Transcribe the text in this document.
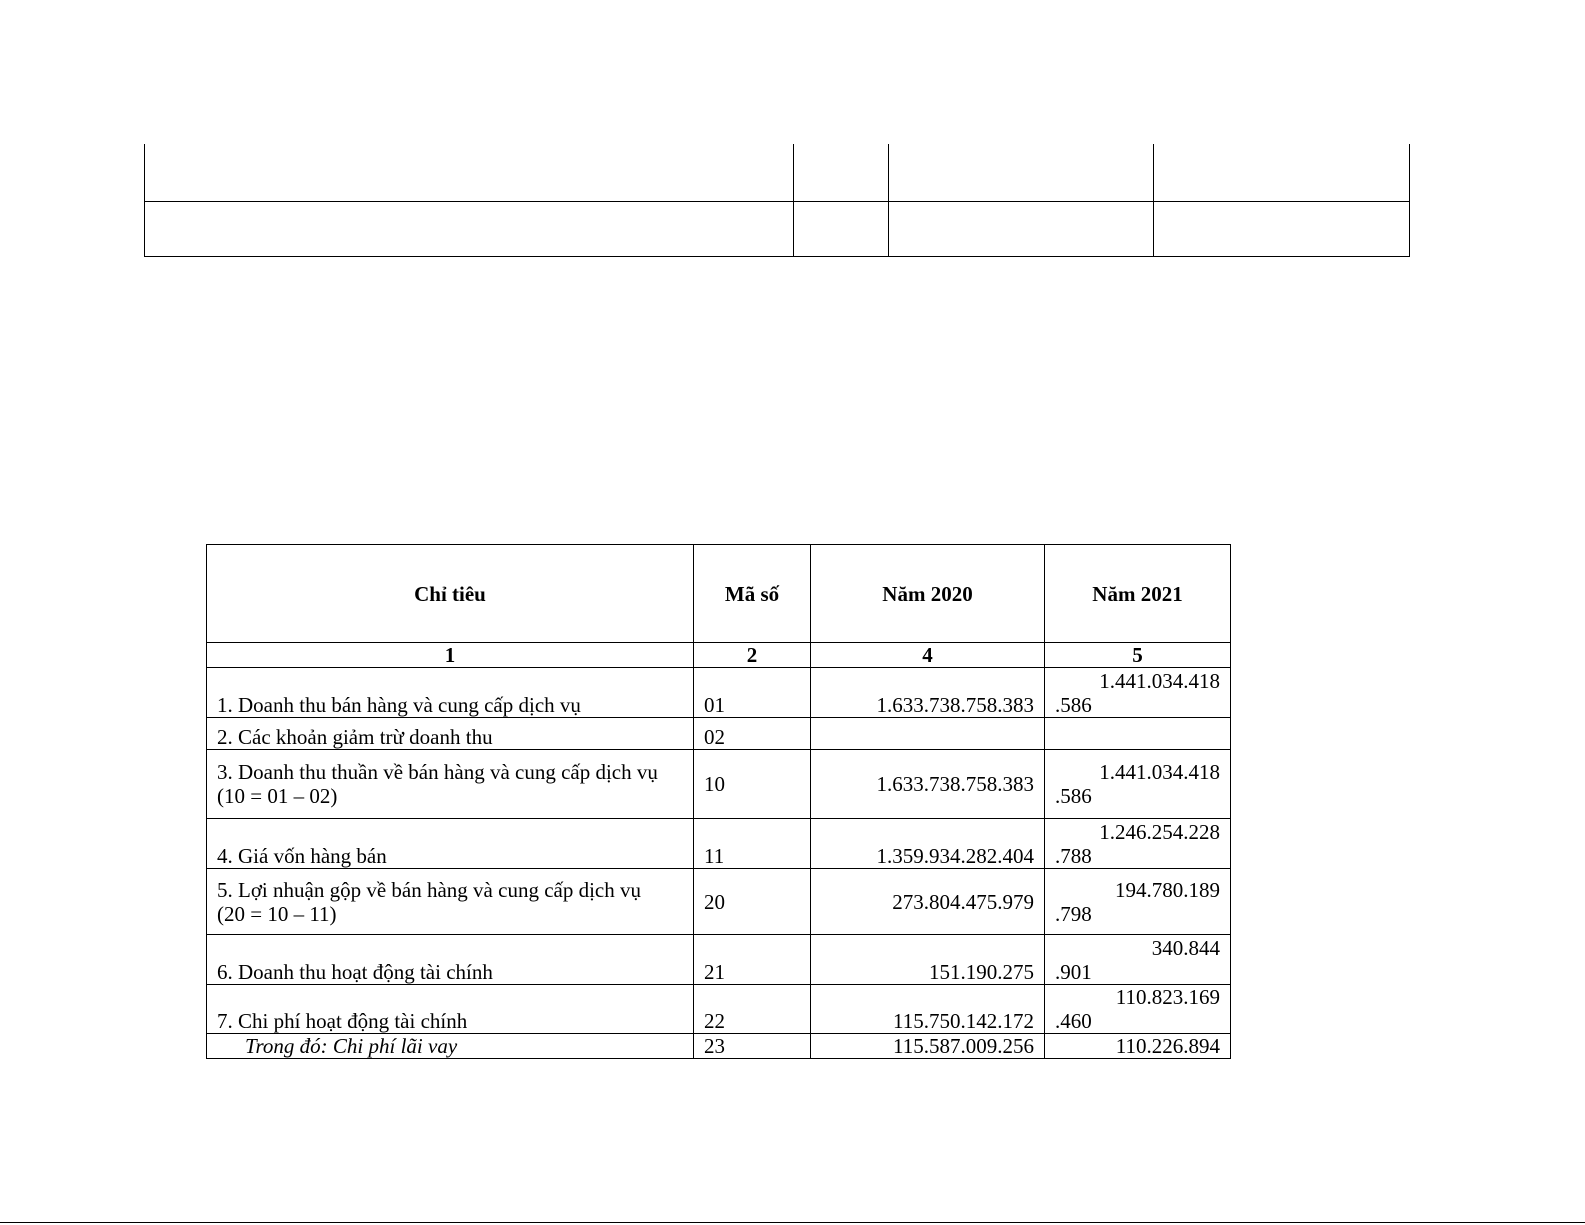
Chỉ tiêu	Mã số	Năm 2020	Năm 2021
1	2	4	5
1. Doanh thu bán hàng và cung cấp dịch vụ	01	1.633.738.758.383	1.441.034.418
.586

2. Các khoản giảm trừ doanh thu	02		

3. Doanh thu thuần về bán hàng và cung cấp dịch vụ
(10 = 01 – 02)	10	1.633.738.758.383	1.441.034.418
.586

4. Giá vốn hàng bán	11	1.359.934.282.404	1.246.254.228
.788

5. Lợi nhuận gộp về bán hàng và cung cấp dịch vụ
(20 = 10 – 11)	20	273.804.475.979	194.780.189
.798

6. Doanh thu hoạt động tài chính	21	151.190.275	340.844
.901

7. Chi phí hoạt động tài chính	22	115.750.142.172	110.823.169
.460

Trong đó: Chi phí lãi vay	23	115.587.009.256	110.226.894
